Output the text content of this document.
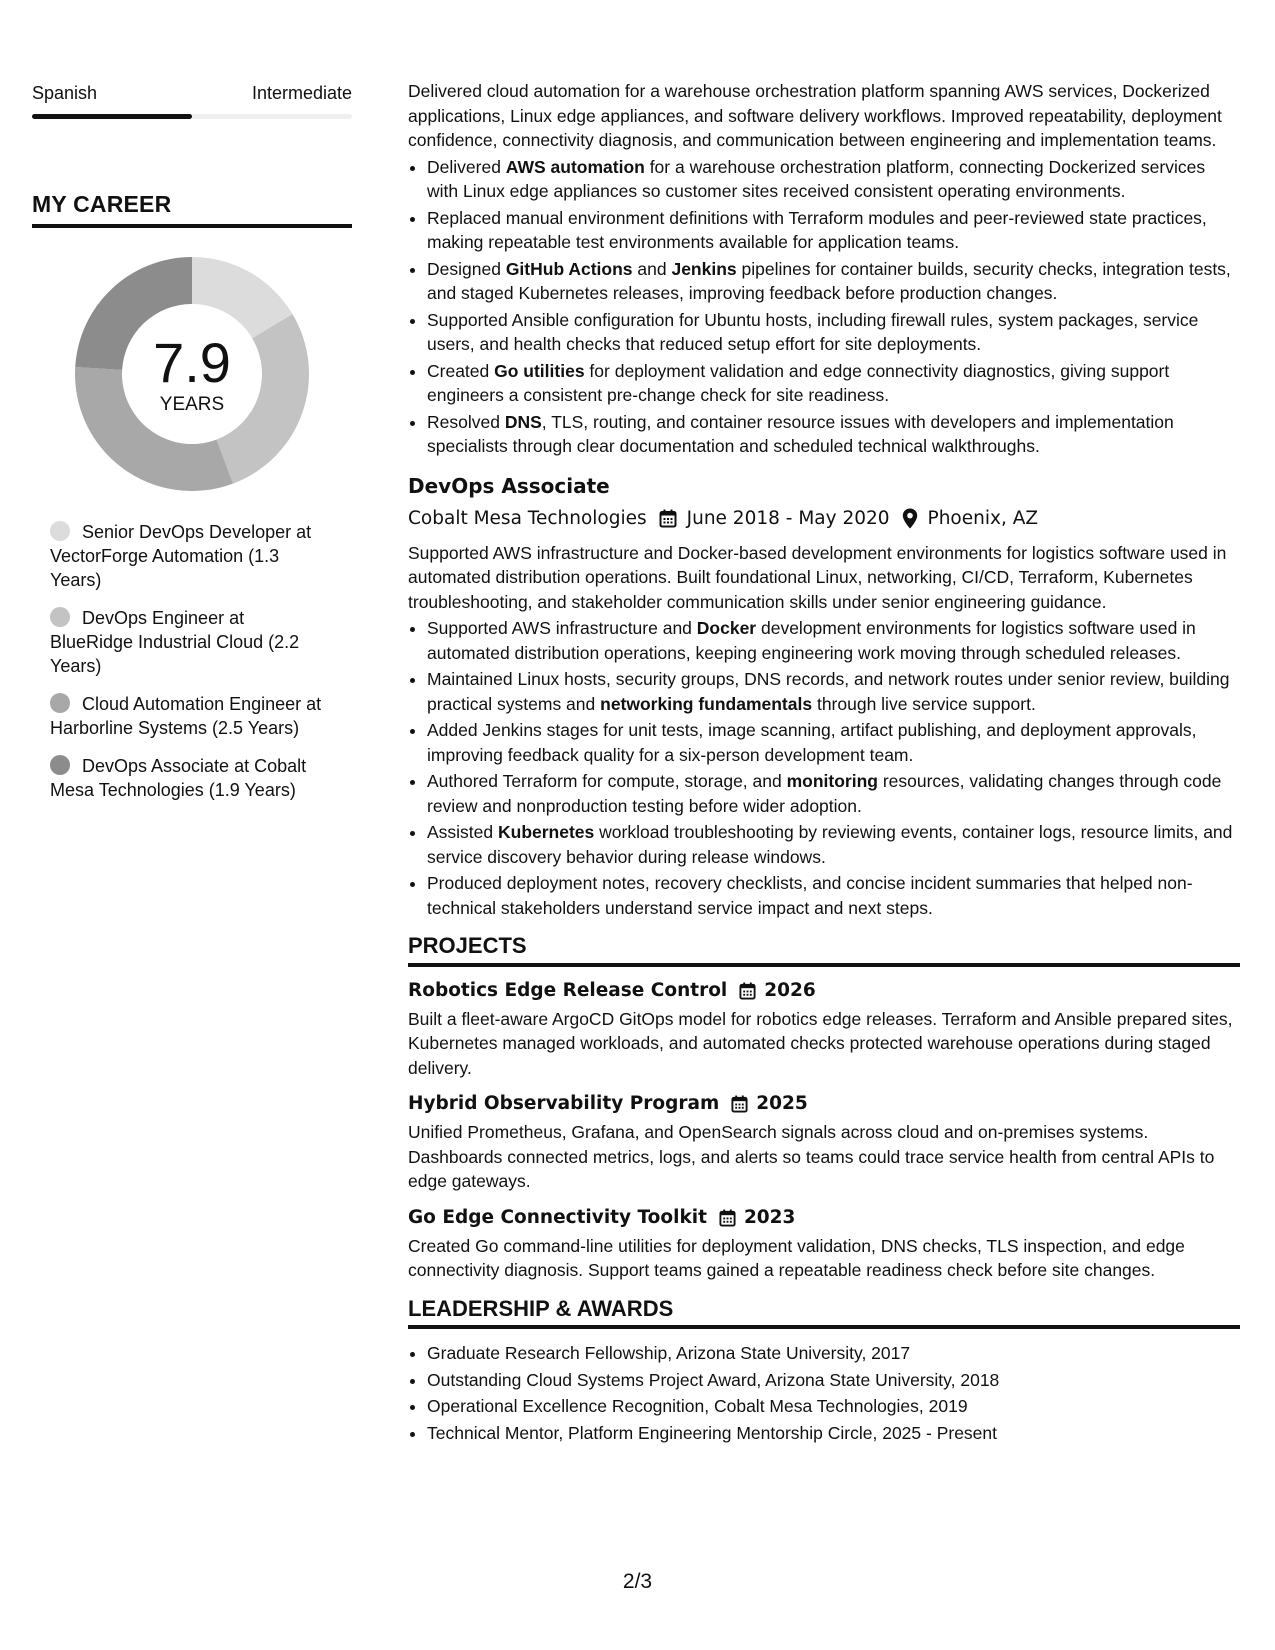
Spanish	Intermediate
MY CAREER
7.9
YEARS
Senior DevOps Developer at VectorForge Automation (1.3 Years)
DevOps Engineer at BlueRidge Industrial Cloud (2.2 Years)
Cloud Automation Engineer at Harborline Systems (2.5 Years)
DevOps Associate at Cobalt Mesa Technologies (1.9 Years)

Delivered cloud automation for a warehouse orchestration platform spanning AWS services, Dockerized applications, Linux edge appliances, and software delivery workflows. Improved repeatability, deployment confidence, connectivity diagnosis, and communication between engineering and implementation teams.

• Delivered AWS automation for a warehouse orchestration platform, connecting Dockerized services with Linux edge appliances so customer sites received consistent operating environments.
• Replaced manual environment definitions with Terraform modules and peer-reviewed state practices, making repeatable test environments available for application teams.
• Designed GitHub Actions and Jenkins pipelines for container builds, security checks, integration tests, and staged Kubernetes releases, improving feedback before production changes.
• Supported Ansible configuration for Ubuntu hosts, including firewall rules, system packages, service users, and health checks that reduced setup effort for site deployments.
• Created Go utilities for deployment validation and edge connectivity diagnostics, giving support engineers a consistent pre-change check for site readiness.
• Resolved DNS, TLS, routing, and container resource issues with developers and implementation specialists through clear documentation and scheduled technical walkthroughs.
DevOps Associate
Cobalt Mesa Technologies June 2018 - May 2020 Phoenix, AZ

Supported AWS infrastructure and Docker-based development environments for logistics software used in automated distribution operations. Built foundational Linux, networking, CI/CD, Terraform, Kubernetes troubleshooting, and stakeholder communication skills under senior engineering guidance.

• Supported AWS infrastructure and Docker development environments for logistics software used in automated distribution operations, keeping engineering work moving through scheduled releases.
• Maintained Linux hosts, security groups, DNS records, and network routes under senior review, building practical systems and networking fundamentals through live service support.
• Added Jenkins stages for unit tests, image scanning, artifact publishing, and deployment approvals, improving feedback quality for a six-person development team.
• Authored Terraform for compute, storage, and monitoring resources, validating changes through code review and nonproduction testing before wider adoption.
• Assisted Kubernetes workload troubleshooting by reviewing events, container logs, resource limits, and service discovery behavior during release windows.
• Produced deployment notes, recovery checklists, and concise incident summaries that helped non-technical stakeholders understand service impact and next steps.
PROJECTS
Robotics Edge Release Control 2026

Built a fleet-aware ArgoCD GitOps model for robotics edge releases. Terraform and Ansible prepared sites, Kubernetes managed workloads, and automated checks protected warehouse operations during staged delivery.

Hybrid Observability Program 2025

Unified Prometheus, Grafana, and OpenSearch signals across cloud and on-premises systems. Dashboards connected metrics, logs, and alerts so teams could trace service health from central APIs to edge gateways.

Go Edge Connectivity Toolkit 2023

Created Go command-line utilities for deployment validation, DNS checks, TLS inspection, and edge connectivity diagnosis. Support teams gained a repeatable readiness check before site changes.

LEADERSHIP & AWARDS
• Graduate Research Fellowship, Arizona State University, 2017
• Outstanding Cloud Systems Project Award, Arizona State University, 2018
• Operational Excellence Recognition, Cobalt Mesa Technologies, 2019
• Technical Mentor, Platform Engineering Mentorship Circle, 2025 - Present
2/3
